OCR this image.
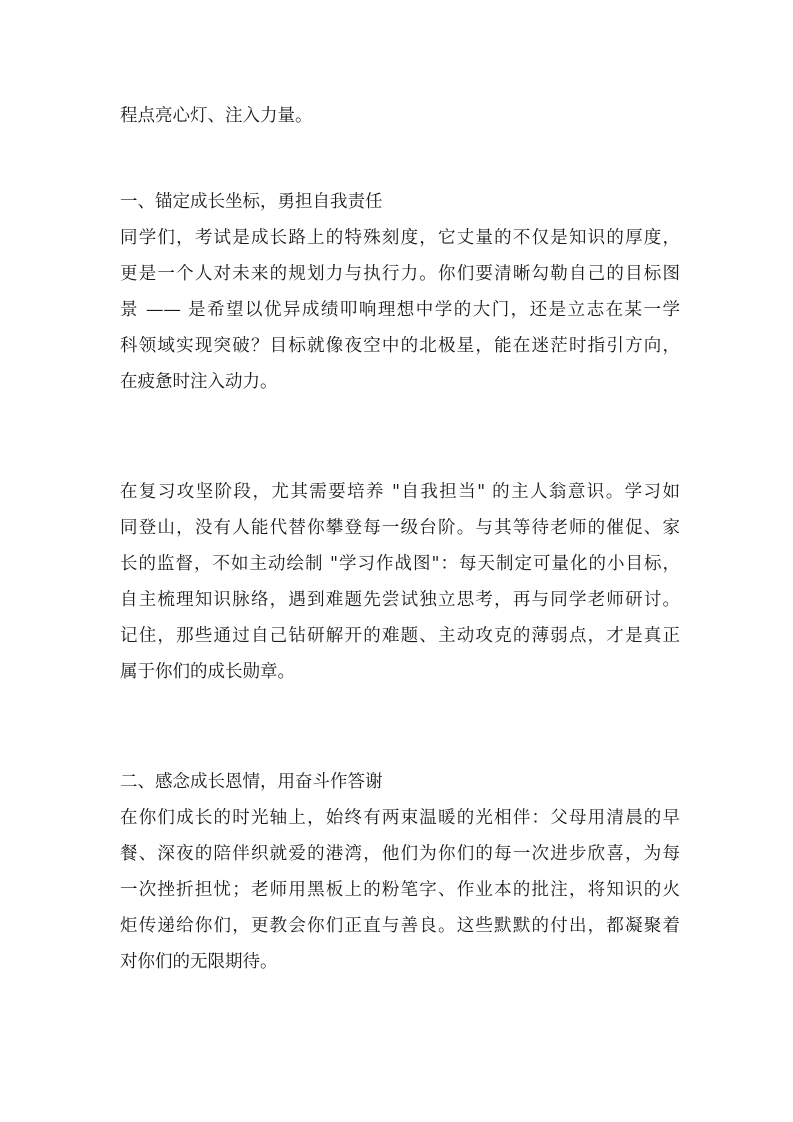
程点亮心灯、注入力量。
一、锚定成长坐标，勇担自我责任
同学们，考试是成长路上的特殊刻度，它丈量的不仅是知识的厚度，
更是一个人对未来的规划力与执行力。你们要清晰勾勒自己的目标图
景 —— 是希望以优异成绩叩响理想中学的大门，还是立志在某一学
科领域实现突破？目标就像夜空中的北极星，能在迷茫时指引方向，
在疲惫时注入动力。
在复习攻坚阶段，尤其需要培养 "自我担当" 的主人翁意识。学习如
同登山，没有人能代替你攀登每一级台阶。与其等待老师的催促、家
长的监督，不如主动绘制 "学习作战图"：每天制定可量化的小目标，
自主梳理知识脉络，遇到难题先尝试独立思考，再与同学老师研讨。
记住，那些通过自己钻研解开的难题、主动攻克的薄弱点，才是真正
属于你们的成长勋章。
二、感念成长恩情，用奋斗作答谢
在你们成长的时光轴上，始终有两束温暖的光相伴：父母用清晨的早
餐、深夜的陪伴织就爱的港湾，他们为你们的每一次进步欣喜，为每
一次挫折担忧；老师用黑板上的粉笔字、作业本的批注，将知识的火
炬传递给你们，更教会你们正直与善良。这些默默的付出，都凝聚着
对你们的无限期待。
